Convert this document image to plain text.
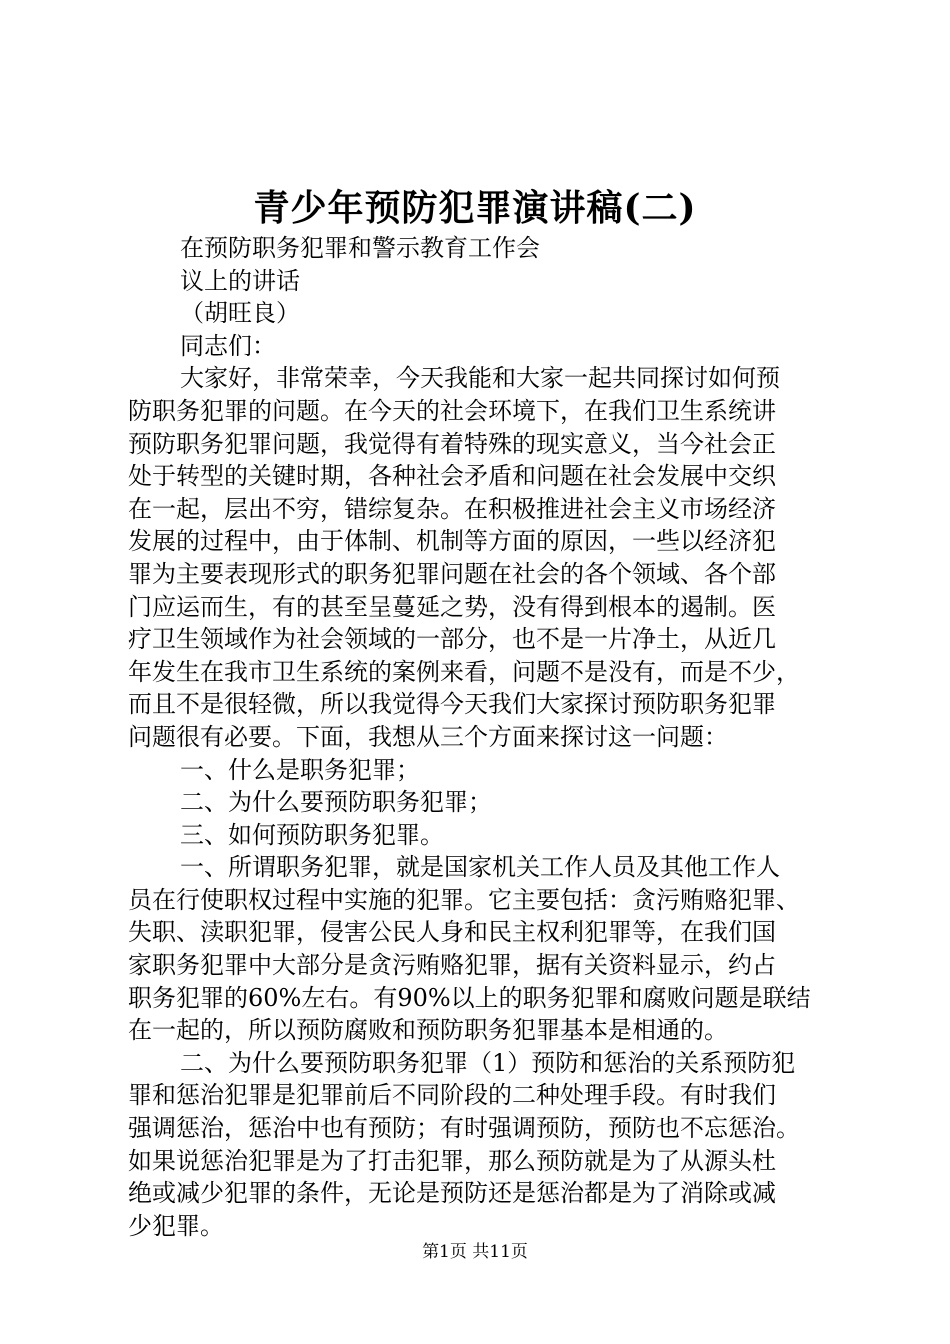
青少年预防犯罪演讲稿(二)
在预防职务犯罪和警示教育工作会
议上的讲话
（胡旺良）
同志们：
大家好，非常荣幸，今天我能和大家一起共同探讨如何预
防职务犯罪的问题。在今天的社会环境下，在我们卫生系统讲
预防职务犯罪问题，我觉得有着特殊的现实意义，当今社会正
处于转型的关键时期，各种社会矛盾和问题在社会发展中交织
在一起，层出不穷，错综复杂。在积极推进社会主义市场经济
发展的过程中，由于体制、机制等方面的原因，一些以经济犯
罪为主要表现形式的职务犯罪问题在社会的各个领域、各个部
门应运而生，有的甚至呈蔓延之势，没有得到根本的遏制。医
疗卫生领域作为社会领域的一部分，也不是一片净土，从近几
年发生在我市卫生系统的案例来看，问题不是没有，而是不少，
而且不是很轻微，所以我觉得今天我们大家探讨预防职务犯罪
问题很有必要。下面，我想从三个方面来探讨这一问题：
一、什么是职务犯罪；
二、为什么要预防职务犯罪；
三、如何预防职务犯罪。
一、所谓职务犯罪，就是国家机关工作人员及其他工作人
员在行使职权过程中实施的犯罪。它主要包括：贪污贿赂犯罪、
失职、渎职犯罪，侵害公民人身和民主权利犯罪等，在我们国
家职务犯罪中大部分是贪污贿赂犯罪，据有关资料显示，约占
职务犯罪的60%左右。有90%以上的职务犯罪和腐败问题是联结
在一起的，所以预防腐败和预防职务犯罪基本是相通的。
二、为什么要预防职务犯罪（1）预防和惩治的关系预防犯
罪和惩治犯罪是犯罪前后不同阶段的二种处理手段。有时我们
强调惩治，惩治中也有预防；有时强调预防，预防也不忘惩治。
如果说惩治犯罪是为了打击犯罪，那么预防就是为了从源头杜
绝或减少犯罪的条件，无论是预防还是惩治都是为了消除或减
少犯罪。
第1页 共11页
